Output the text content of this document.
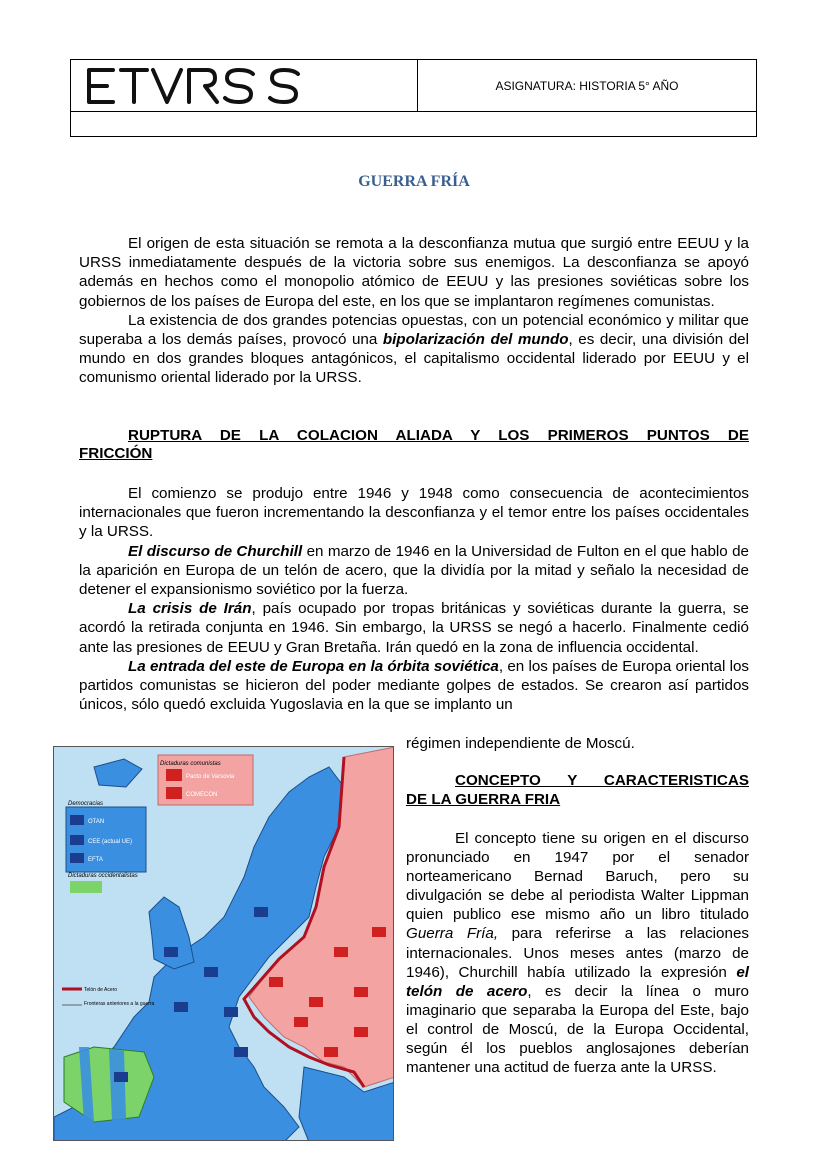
ETVRS
ASIGNATURA: HISTORIA 5° AÑO
GUERRA FRÍA

El origen de esta situación se remota a la desconfianza mutua que surgió entre EEUU y la URSS inmediatamente después de la victoria sobre sus enemigos. La desconfianza se apoyó además en hechos como el monopolio atómico de EEUU y las presiones soviéticas sobre los gobiernos de los países de Europa del este, en los que se implantaron regímenes comunistas.

La existencia de dos grandes potencias opuestas, con un potencial económico y militar que superaba a los demás países, provocó una bipolarización del mundo, es decir, una división del mundo en dos grandes bloques antagónicos, el capitalismo occidental liderado por EEUU y el comunismo oriental liderado por la URSS.

RUPTURA DE LA COLACION ALIADA Y LOS PRIMEROS PUNTOS DE
FRICCIÓN

El comienzo se produjo entre 1946 y 1948 como consecuencia de acontecimientos internacionales que fueron incrementando la desconfianza y el temor entre los países occidentales y la URSS.

El discurso de Churchill en marzo de 1946 en la Universidad de Fulton en el que hablo de la aparición en Europa de un telón de acero, que la dividía por la mitad y señalo la necesidad de detener el expansionismo soviético por la fuerza.

La crisis de Irán, país ocupado por tropas británicas y soviéticas durante la guerra, se acordó la retirada conjunta en 1946. Sin embargo, la URSS se negó a hacerlo. Finalmente cedió ante las presiones de EEUU y Gran Bretaña. Irán quedó en la zona de influencia occidental.

La entrada del este de Europa en la órbita soviética, en los países de Europa oriental los partidos comunistas se hicieron del poder mediante golpes de estados. Se crearon así partidos únicos, sólo quedó excluida Yugoslavia en la que se implanto un

régimen independiente de Moscú.
Dictaduras comunistas
Pacto de Varsovia
COMECON
Democracias
OTAN
CEE (actual UE)
EFTA
Dictaduras occidentalistas
Telón de Acero
Fronteras anteriores a la guerra
CONCEPTO Y CARACTERISTICAS
DE LA GUERRA FRIA

El concepto tiene su origen en el discurso pronunciado en 1947 por el senador norteamericano Bernad Baruch, pero su divulgación se debe al periodista Walter Lippman quien publico ese mismo año un libro titulado Guerra Fría, para referirse a las relaciones internacionales. Unos meses antes (marzo de 1946), Churchill había utilizado la expresión el telón de acero, es decir la línea o muro imaginario que separaba la Europa del Este, bajo el control de Moscú, de la Europa Occidental, según él los pueblos anglosajones deberían mantener una actitud de fuerza ante la URSS.
